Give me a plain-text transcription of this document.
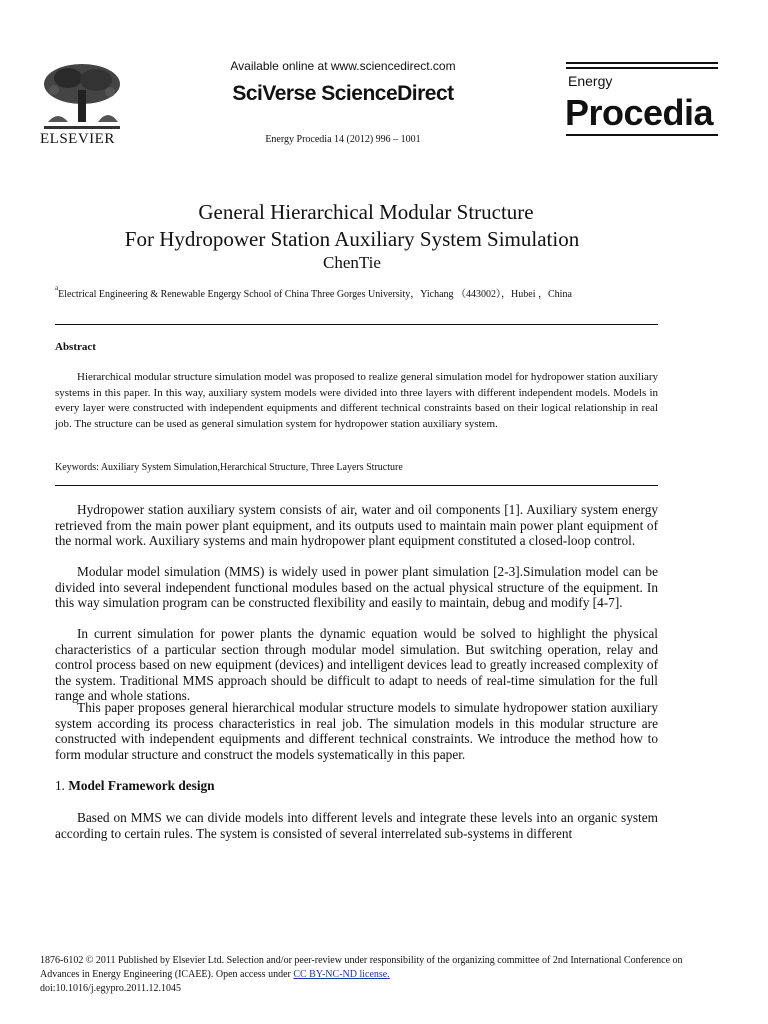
ELSEVIER
Available online at www.sciencedirect.com
SciVerse ScienceDirect
Energy Procedia 14 (2012) 996 – 1001
Energy
Procedia
General Hierarchical Modular Structure
For Hydropower Station Auxiliary System Simulation
ChenTie
$^a$Electrical Engineering & Renewable Engergy School of China Three Gorges University，Yichang （443002），Hubei ，China
Abstract
Hierarchical modular structure simulation model was proposed to realize general simulation model for hydropower station auxiliary systems in this paper. In this way, auxiliary system models were divided into three layers with different independent models. Models in every layer were constructed with independent equipments and different technical constraints based on their logical relationship in real job. The structure can be used as general simulation system for hydropower station auxiliary system.
Keywords: Auxiliary System Simulation,Herarchical Structure, Three Layers Structure
Hydropower station auxiliary system consists of air, water and oil components [1]. Auxiliary system energy retrieved from the main power plant equipment, and its outputs used to maintain main power plant equipment of the normal work. Auxiliary systems and main hydropower plant equipment constituted a closed-loop control.
Modular model simulation (MMS) is widely used in power plant simulation [2-3].Simulation model can be divided into several independent functional modules based on the actual physical structure of the equipment. In this way simulation program can be constructed flexibility and easily to maintain, debug and modify [4-7].
In current simulation for power plants the dynamic equation would be solved to highlight the physical characteristics of a particular section through modular model simulation. But switching operation, relay and control process based on new equipment (devices) and intelligent devices lead to greatly increased complexity of the system. Traditional MMS approach should be difficult to adapt to needs of real-time simulation for the full range and whole stations.
This paper proposes general hierarchical modular structure models to simulate hydropower station auxiliary system according its process characteristics in real job. The simulation models in this modular structure are constructed with independent equipments and different technical constraints. We introduce the method how to form modular structure and construct the models systematically in this paper.
1. Model Framework design
Based on MMS we can divide models into different levels and integrate these levels into an organic system according to certain rules. The system is consisted of several interrelated sub-systems in different
1876-6102 © 2011 Published by Elsevier Ltd. Selection and/or peer-review under responsibility of the organizing committee of 2nd International Conference on Advances in Energy Engineering (ICAEE). Open access under CC BY-NC-ND license.
doi:10.1016/j.egypro.2011.12.1045
